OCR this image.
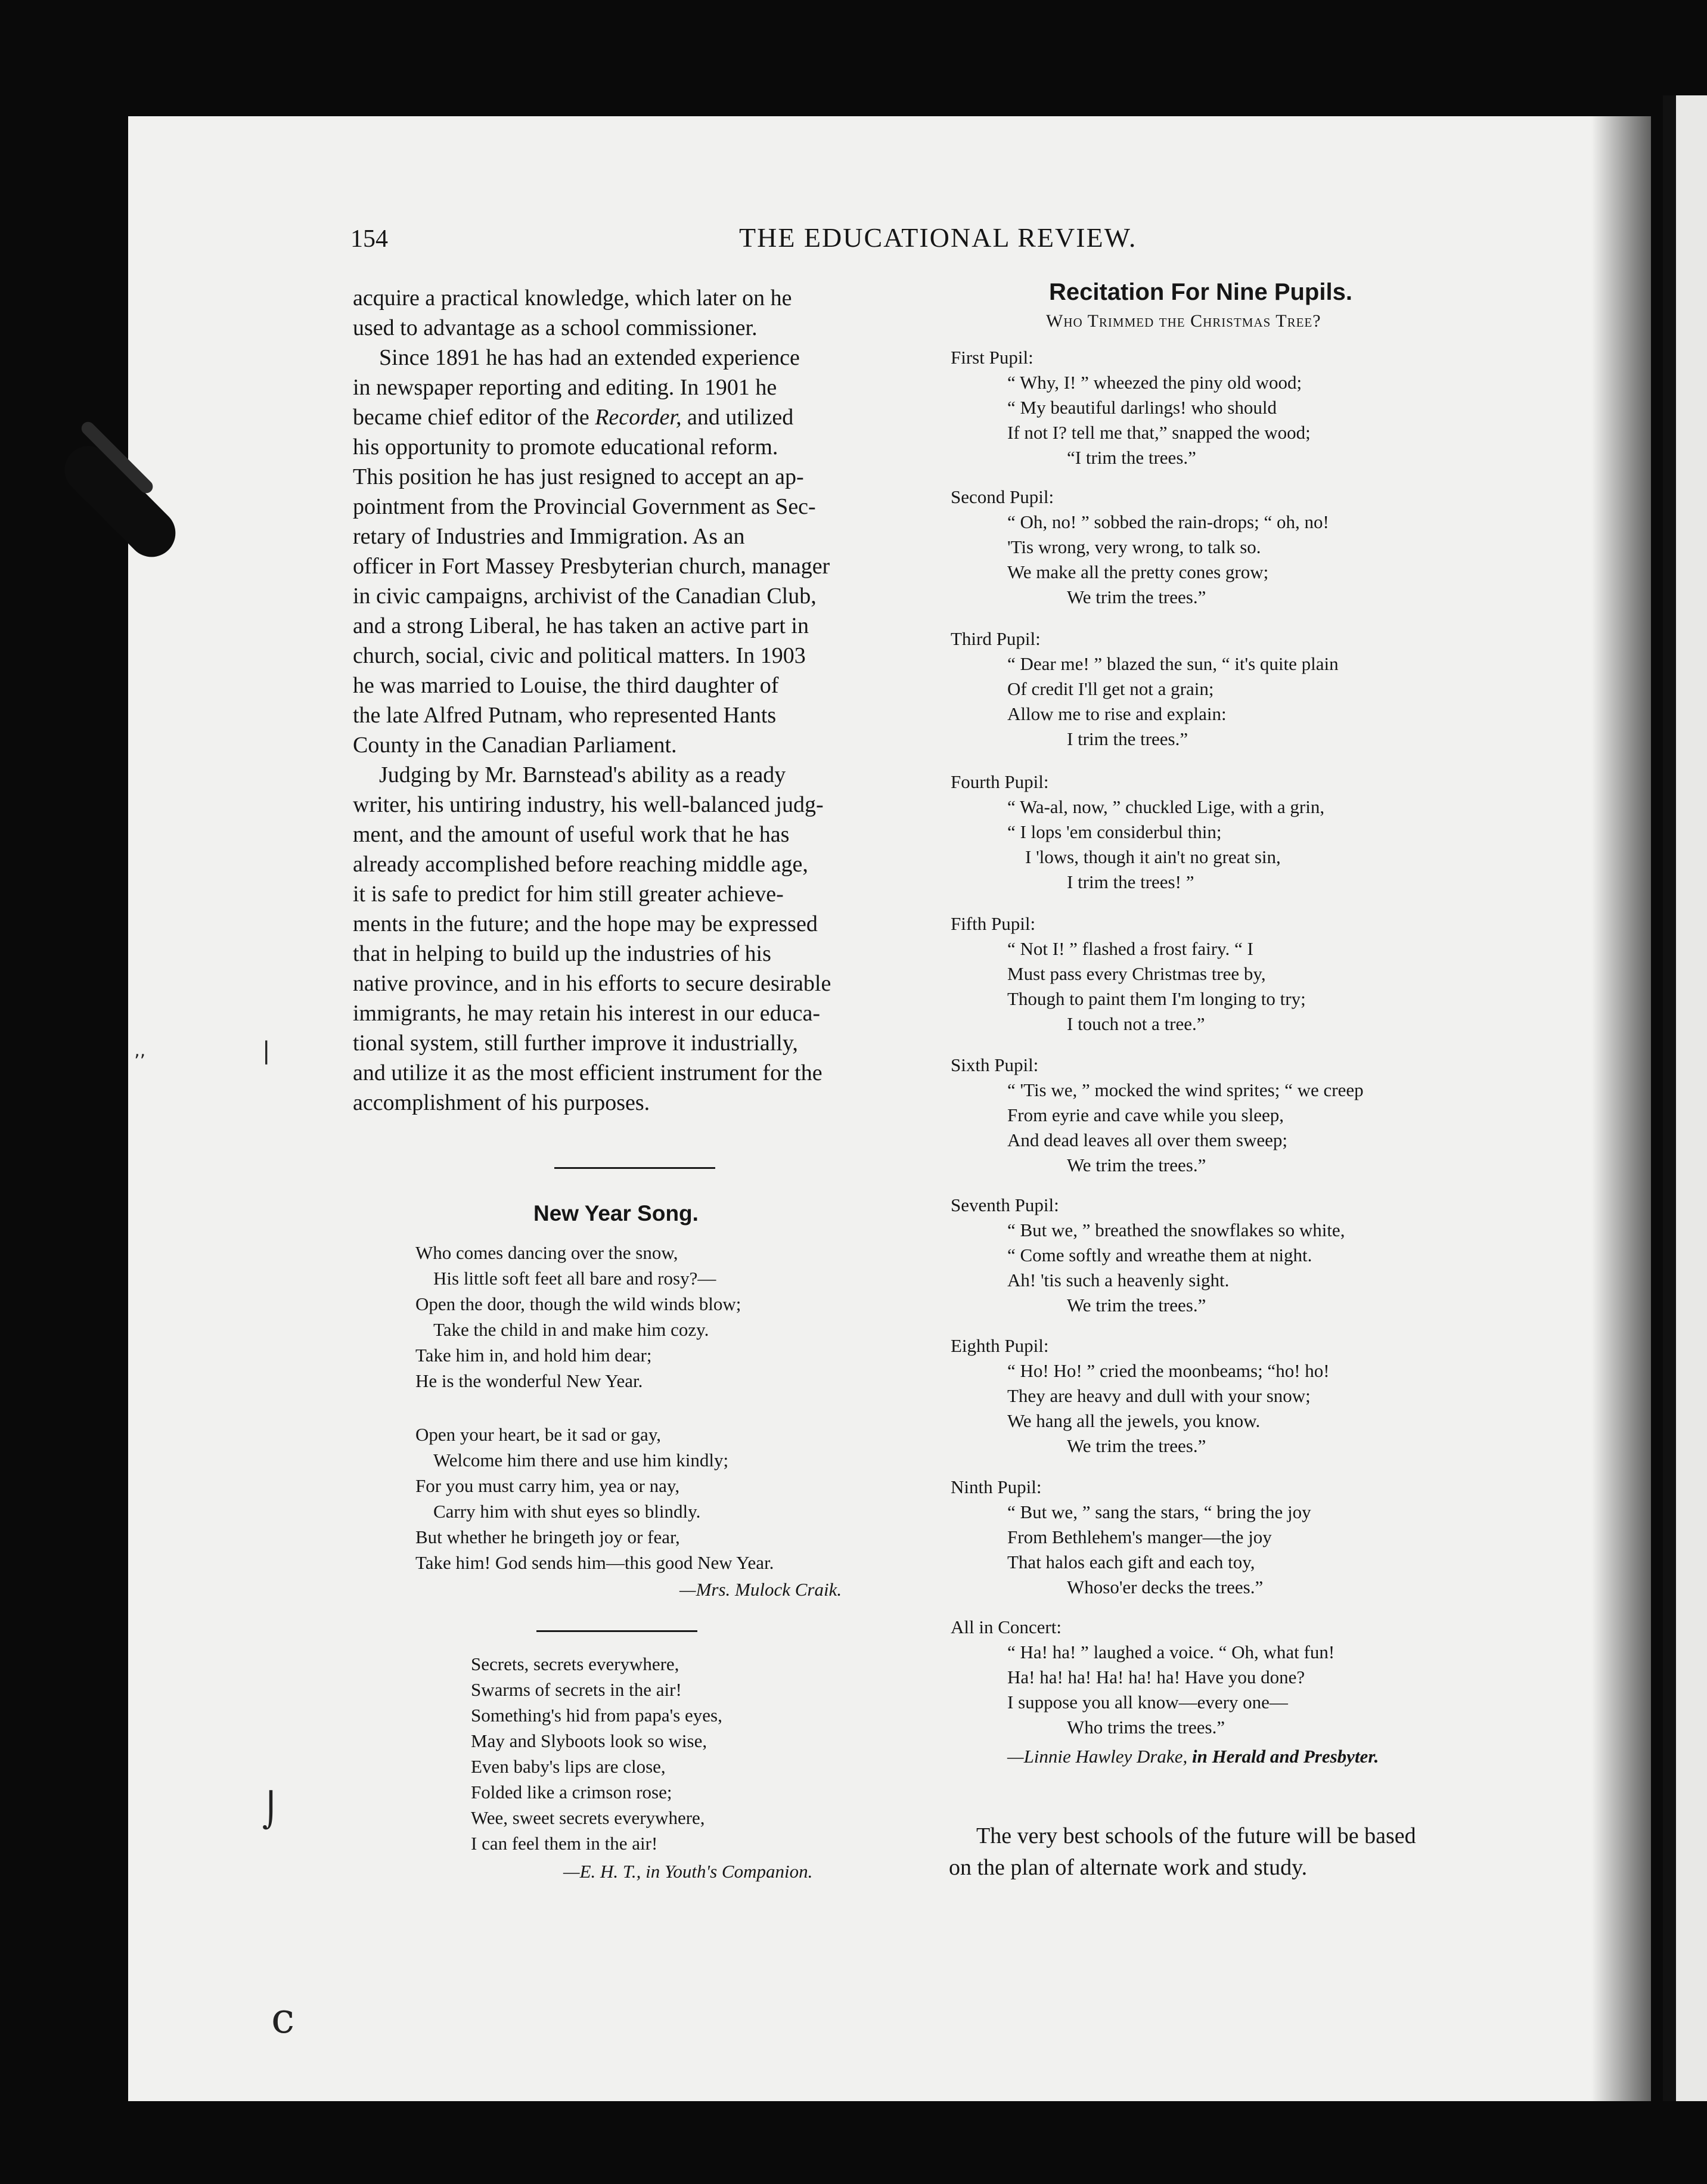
154	THE EDUCATIONAL REVIEW.
acquire a practical knowledge, which later on he
used to advantage as a school commissioner.
Since 1891 he has had an extended experience
in newspaper reporting and editing. In 1901 he
became chief editor of the Recorder, and utilized
his opportunity to promote educational reform.
This position he has just resigned to accept an ap-
pointment from the Provincial Government as Sec-
retary of Industries and Immigration. As an
officer in Fort Massey Presbyterian church, manager
in civic campaigns, archivist of the Canadian Club,
and a strong Liberal, he has taken an active part in
church, social, civic and political matters. In 1903
he was married to Louise, the third daughter of
the late Alfred Putnam, who represented Hants
County in the Canadian Parliament.
Judging by Mr. Barnstead's ability as a ready
writer, his untiring industry, his well-balanced judg-
ment, and the amount of useful work that he has
already accomplished before reaching middle age,
it is safe to predict for him still greater achieve-
ments in the future; and the hope may be expressed
that in helping to build up the industries of his
native province, and in his efforts to secure desirable
immigrants, he may retain his interest in our educa-
tional system, still further improve it industrially,
and utilize it as the most efficient instrument for the
accomplishment of his purposes.
New Year Song.
Who comes dancing over the snow,
His little soft feet all bare and rosy?—
Open the door, though the wild winds blow;
Take the child in and make him cozy.
Take him in, and hold him dear;
He is the wonderful New Year.
Open your heart, be it sad or gay,
Welcome him there and use him kindly;
For you must carry him, yea or nay,
Carry him with shut eyes so blindly.
But whether he bringeth joy or fear,
Take him! God sends him—this good New Year.
—Mrs. Mulock Craik.
Secrets, secrets everywhere,
Swarms of secrets in the air!
Something's hid from papa's eyes,
May and Slyboots look so wise,
Even baby's lips are close,
Folded like a crimson rose;
Wee, sweet secrets everywhere,
I can feel them in the air!
—E. H. T., in Youth's Companion.
Recitation For Nine Pupils.
Who Trimmed the Christmas Tree?
First Pupil:
“ Why, I! ” wheezed the piny old wood;
“ My beautiful darlings! who should
If not I? tell me that,” snapped the wood;
“I trim the trees.”
Second Pupil:
“ Oh, no! ” sobbed the rain-drops; “ oh, no!
'Tis wrong, very wrong, to talk so.
We make all the pretty cones grow;
We trim the trees.”
Third Pupil:
“ Dear me! ” blazed the sun, “ it's quite plain
Of credit I'll get not a grain;
Allow me to rise and explain:
I trim the trees.”
Fourth Pupil:
“ Wa-al, now, ” chuckled Lige, with a grin,
“ I lops 'em considerbul thin;
I 'lows, though it ain't no great sin,
I trim the trees! ”
Fifth Pupil:
“ Not I! ” flashed a frost fairy. “ I
Must pass every Christmas tree by,
Though to paint them I'm longing to try;
I touch not a tree.”
Sixth Pupil:
“ 'Tis we, ” mocked the wind sprites; “ we creep
From eyrie and cave while you sleep,
And dead leaves all over them sweep;
We trim the trees.”
Seventh Pupil:
“ But we, ” breathed the snowflakes so white,
“ Come softly and wreathe them at night.
Ah! 'tis such a heavenly sight.
We trim the trees.”
Eighth Pupil:
“ Ho! Ho! ” cried the moonbeams; “ho! ho!
They are heavy and dull with your snow;
We hang all the jewels, you know.
We trim the trees.”
Ninth Pupil:
“ But we, ” sang the stars, “ bring the joy
From Bethlehem's manger—the joy
That halos each gift and each toy,
Whoso'er decks the trees.”
All in Concert:
“ Ha! ha! ” laughed a voice. “ Oh, what fun!
Ha! ha! ha! Ha! ha! ha! Have you done?
I suppose you all know—every one—
Who trims the trees.”
—Linnie Hawley Drake, in Herald and Presbyter.
The very best schools of the future will be based
on the plan of alternate work and study.
‚‚	|
⌡
c
